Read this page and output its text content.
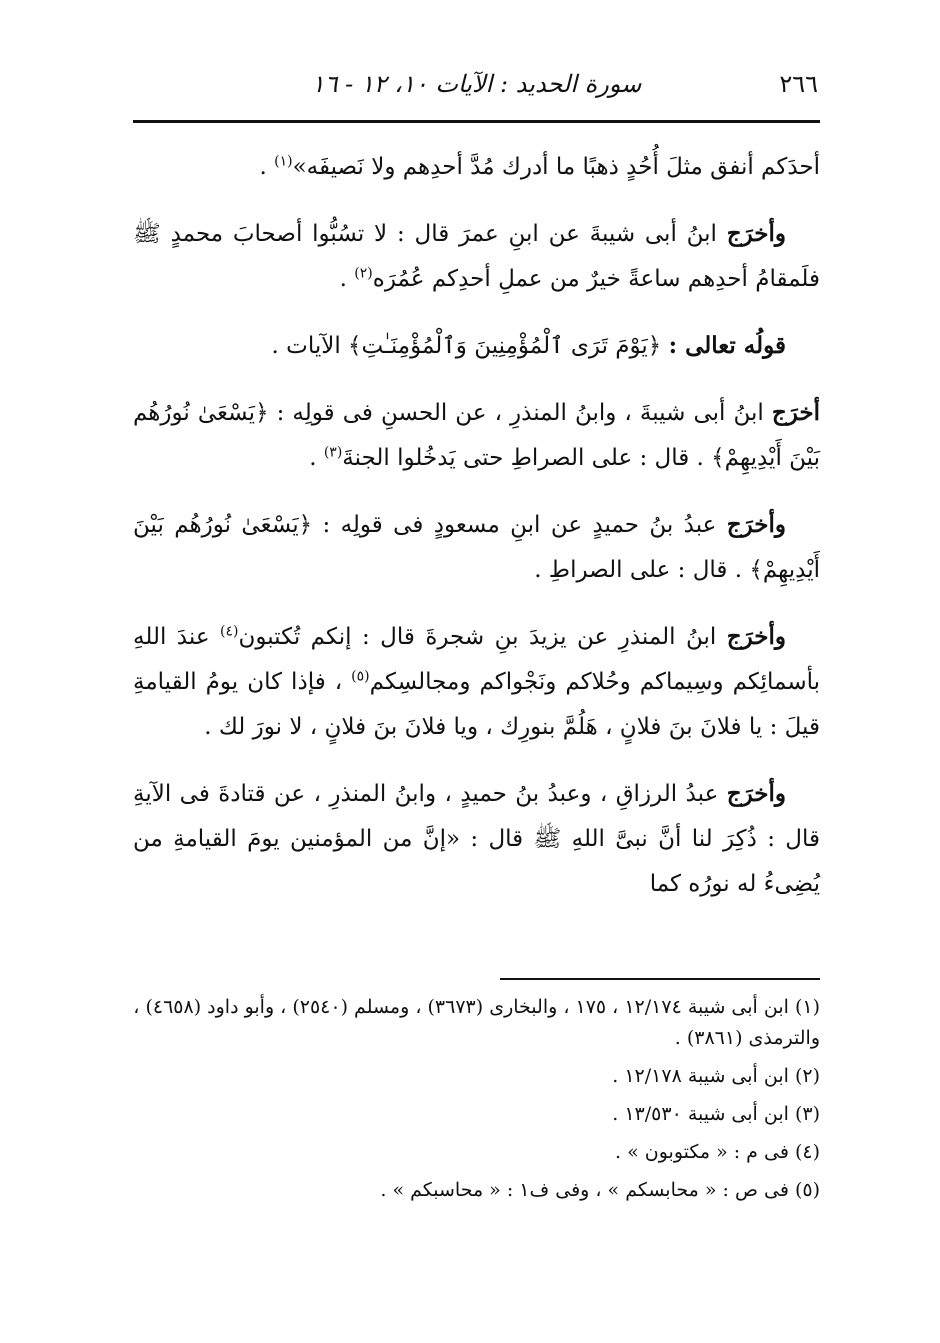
٢٦٦
سورة الحديد : الآيات ١٠، ١٢ - ١٦

أحدَكم أنفق مثلَ أُحُدٍ ذهبًا ما أدرك مُدَّ أحدِهم ولا نَصيفَه»$^{(١)}$ .

وأخرَج ابنُ أبى شيبةَ عن ابنِ عمرَ قال : لا تسُبُّوا أصحابَ محمدٍ ﷺ فلَمقامُ أحدِهم ساعةً خيرٌ من عملِ أحدِكم عُمُرَه$^{(٢)}$ .

قولُه تعالى : ﴿يَوْمَ تَرَى ٱلْمُؤْمِنِينَ وَٱلْمُؤْمِنَـٰتِ﴾ الآيات .

أخرَج ابنُ أبى شيبةَ ، وابنُ المنذرِ ، عن الحسنِ فى قولِه : ﴿يَسْعَىٰ نُورُهُم بَيْنَ أَيْدِيهِمْ﴾ . قال : على الصراطِ حتى يَدخُلوا الجنةَ$^{(٣)}$ .

وأخرَج عبدُ بنُ حميدٍ عن ابنِ مسعودٍ فى قولِه : ﴿يَسْعَىٰ نُورُهُم بَيْنَ أَيْدِيهِمْ﴾ . قال : على الصراطِ .

وأخرَج ابنُ المنذرِ عن يزيدَ بنِ شجرةَ قال : إنكم تُكتبون$^{(٤)}$ عندَ اللهِ بأسمائِكم وسِيماكم وحُلاكم ونَجْواكم ومجالسِكم$^{(٥)}$ ، فإذا كان يومُ القيامةِ قيلَ : يا فلانَ بنَ فلانٍ ، هَلُمَّ بنورِك ، ويا فلانَ بنَ فلانٍ ، لا نورَ لك .

وأخرَج عبدُ الرزاقِ ، وعبدُ بنُ حميدٍ ، وابنُ المنذرِ ، عن قتادةَ فى الآيةِ قال : ذُكِرَ لنا أنَّ نبىَّ اللهِ ﷺ قال : «إنَّ من المؤمنين يومَ القيامةِ من يُضِىءُ له نورُه كما

(١) ابن أبى شيبة ١٢/١٧٤ ، ١٧٥ ، والبخارى (٣٦٧٣) ، ومسلم (٢٥٤٠) ، وأبو داود (٤٦٥٨) ، والترمذى (٣٨٦١) .

(٢) ابن أبى شيبة ١٢/١٧٨ .

(٣) ابن أبى شيبة ١٣/٥٣٠ .

(٤) فى م : « مكتوبون » .

(٥) فى ص : « محابسكم » ، وفى ف١ : « محاسبكم » .
